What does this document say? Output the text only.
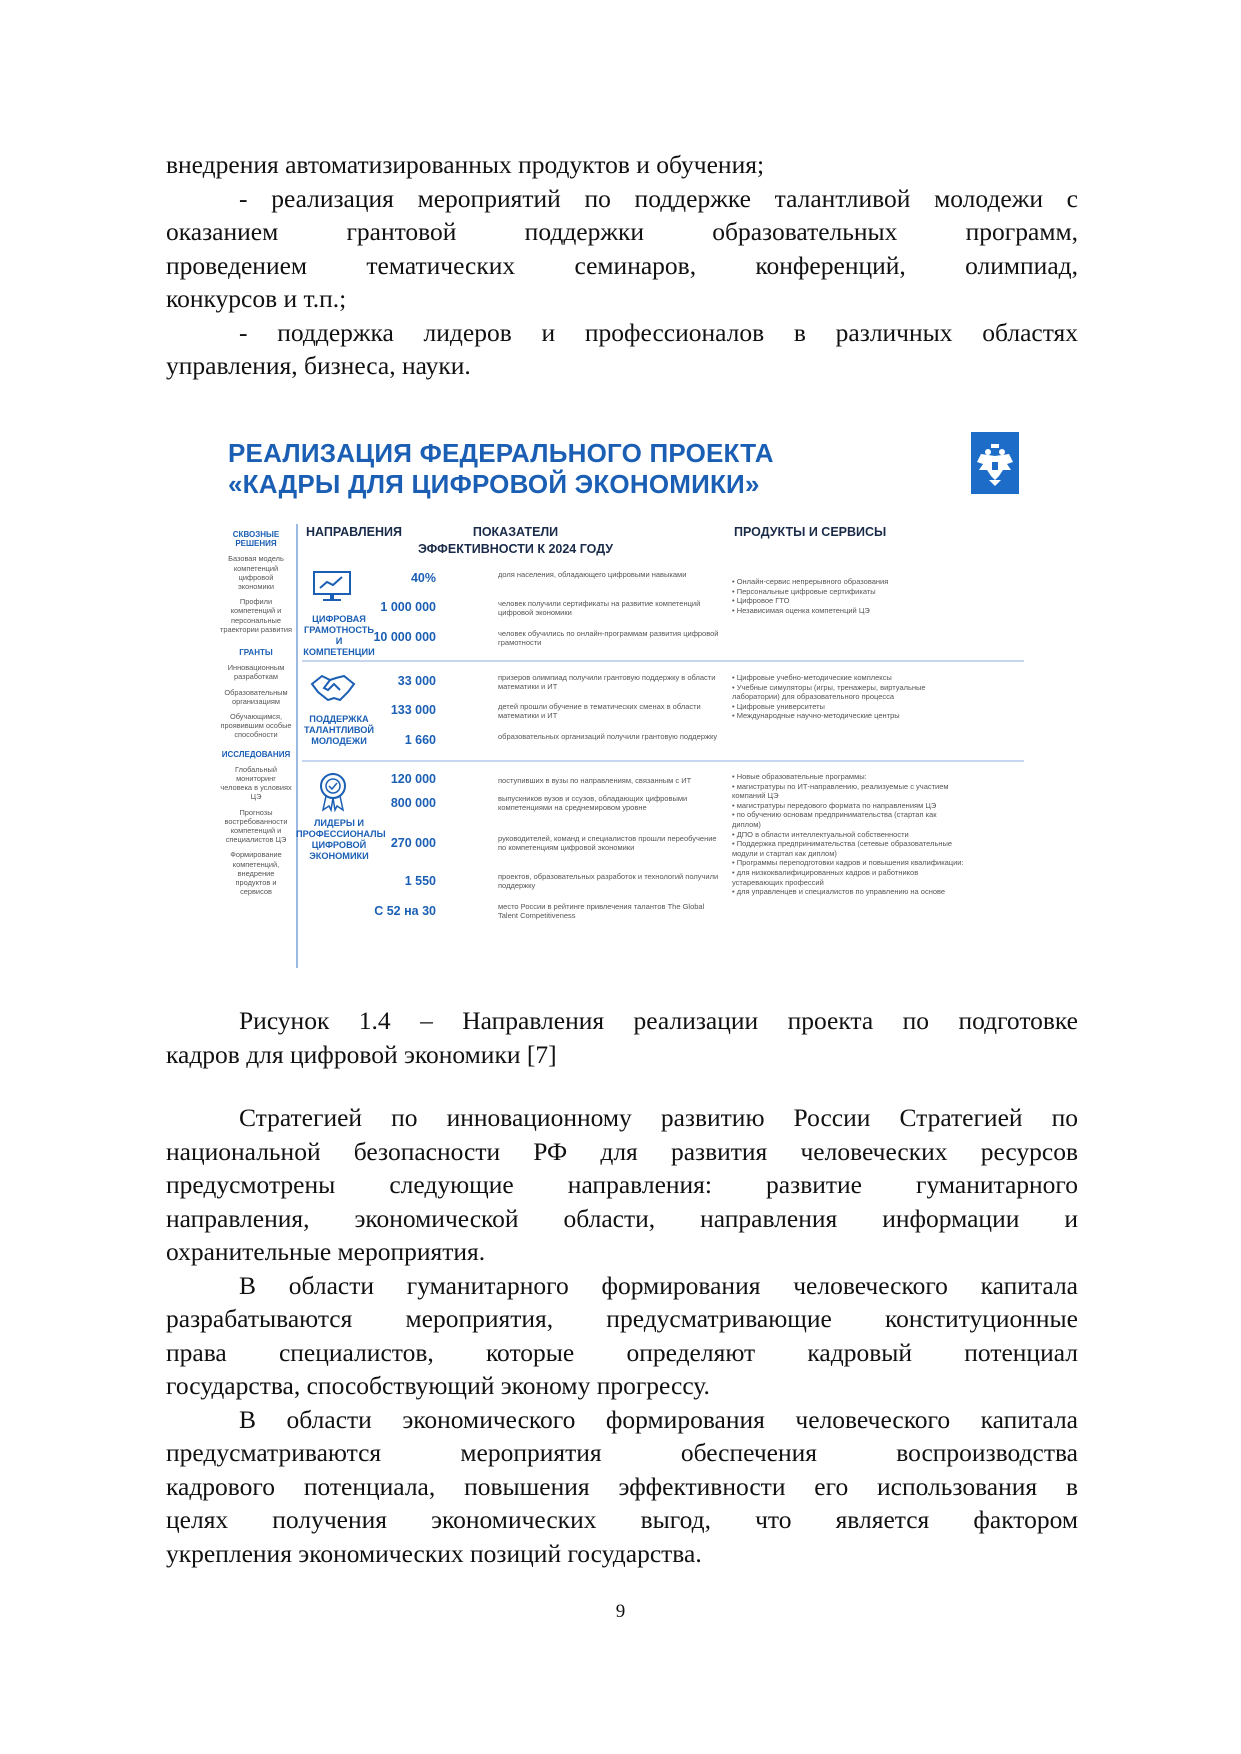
внедрения автоматизированных продуктов и обучения;
- реализация мероприятий по поддержке талантливой молодежи с
оказанием грантовой поддержки образовательных программ,
проведением тематических семинаров, конференций, олимпиад,
конкурсов и т.п.;
- поддержка лидеров и профессионалов в различных областях
управления, бизнеса, науки.
РЕАЛИЗАЦИЯ ФЕДЕРАЛЬНОГО ПРОЕКТА
«КАДРЫ ДЛЯ ЦИФРОВОЙ ЭКОНОМИКИ»
НАПРАВЛЕНИЯ	ПОКАЗАТЕЛИ
ЭФФЕКТИВНОСТИ К 2024 ГОДУ
ПРОДУКТЫ И СЕРВИСЫ

СКВОЗНЫЕ РЕШЕНИЯ

Базовая модель компетенций цифровой экономики

Профили компетенций и персональные траектории развития

ГРАНТЫ

Инновационным разработкам

Образовательным организациям

Обучающимся, проявившим особые способности

ИССЛЕДОВАНИЯ

Глобальный мониторинг человека в условиях ЦЭ

Прогнозы востребованности компетенций и специалистов ЦЭ

Формирование компетенций, внедрение продуктов и сервисов

ЦИФРОВАЯ ГРАМОТНОСТЬ И КОМПЕТЕНЦИИ
40%	доля населения, обладающего цифровыми навыками
1 000 000	человек получили сертификаты на развитие компетенций цифровой экономики
10 000 000	человек обучились по онлайн-программам развития цифровой грамотности
• Онлайн-сервис непрерывного образования
• Персональные цифровые сертификаты
• Цифровое ГТО
• Независимая оценка компетенций ЦЭ
ПОДДЕРЖКА ТАЛАНТЛИВОЙ МОЛОДЕЖИ
33 000	призеров олимпиад получили грантовую поддержку в области математики и ИТ
133 000	детей прошли обучение в тематических сменах в области математики и ИТ
1 660	образовательных организаций получили грантовую поддержку
• Цифровые учебно-методические комплексы
• Учебные симуляторы (игры, тренажеры, виртуальные
лаборатории) для образовательного процесса
• Цифровые университеты
• Международные научно-методические центры
ЛИДЕРЫ И ПРОФЕССИОНАЛЫ ЦИФРОВОЙ ЭКОНОМИКИ
120 000	поступивших в вузы по направлениям, связанным с ИТ
800 000	выпускников вузов и ссузов, обладающих цифровыми компетенциями на среднемировом уровне
270 000	руководителей, команд и специалистов прошли переобучение по компетенциям цифровой экономики
1 550	проектов, образовательных разработок и технологий получили поддержку
С 52 на 30	место России в рейтинге привлечения талантов The Global Talent Competitiveness
• Новые образовательные программы:
• магистратуры по ИТ-направлению, реализуемые с участием
компаний ЦЭ
• магистратуры передового формата по направлениям ЦЭ
• по обучению основам предпринимательства (стартап как
диплом)
• ДПО в области интеллектуальной собственности
• Поддержка предпринимательства (сетевые образовательные
модули и стартап как диплом)
• Программы переподготовки кадров и повышения квалификации:
• для низкоквалифицированных кадров и работников
устаревающих профессий
• для управленцев и специалистов по управлению на основе
Рисунок 1.4 – Направления реализации проекта по подготовке
кадров для цифровой экономики [7]
Стратегией по инновационному развитию России Стратегией по
национальной безопасности РФ для развития человеческих ресурсов
предусмотрены следующие направления: развитие гуманитарного
направления, экономической области, направления информации и
охранительные мероприятия.
В области гуманитарного формирования человеческого капитала
разрабатываются мероприятия, предусматривающие конституционные
права специалистов, которые определяют кадровый потенциал
государства, способствующий эконому прогрессу.
В области экономического формирования человеческого капитала
предусматриваются мероприятия обеспечения воспроизводства
кадрового потенциала, повышения эффективности его использования в
целях получения экономических выгод, что является фактором
укрепления экономических позиций государства.
9
